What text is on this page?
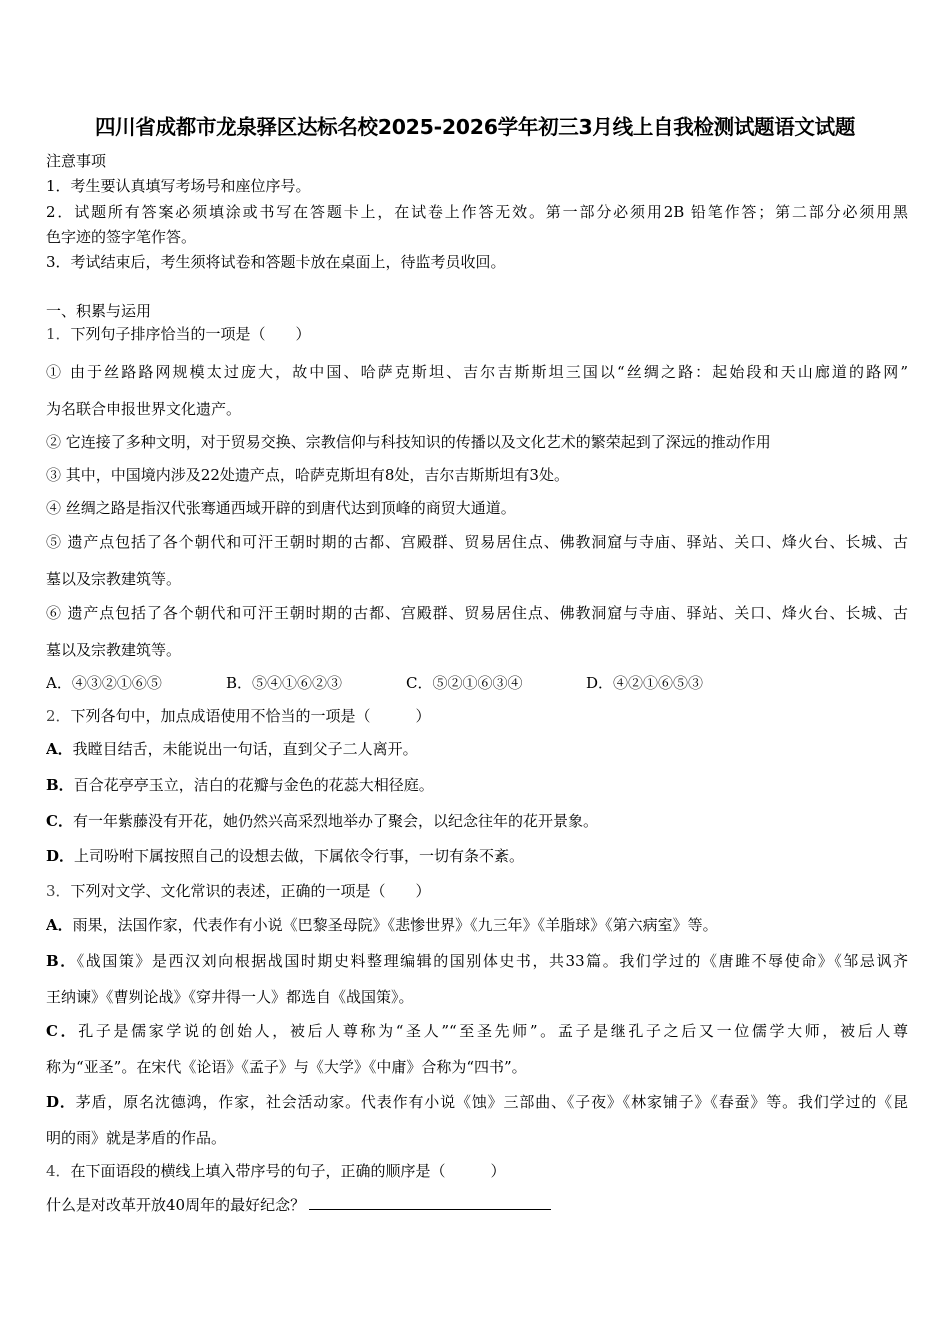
四川省成都市龙泉驿区达标名校2025-2026学年初三3月线上自我检测试题语文试题
注意事项
1．考生要认真填写考场号和座位序号。
2．试题所有答案必须填涂或书写在答题卡上，在试卷上作答无效。第一部分必须用2B 铅笔作答；第二部分必须用黑
色字迹的签字笔作答。
3．考试结束后，考生须将试卷和答题卡放在桌面上，待监考员收回。
一、积累与运用
1．下列句子排序恰当的一项是（　　）
① 由于丝路路网规模太过庞大，故中国、哈萨克斯坦、吉尔吉斯斯坦三国以“丝绸之路：起始段和天山廊道的路网”
为名联合申报世界文化遗产。
② 它连接了多种文明，对于贸易交换、宗教信仰与科技知识的传播以及文化艺术的繁荣起到了深远的推动作用
③ 其中，中国境内涉及22处遗产点，哈萨克斯坦有8处，吉尔吉斯斯坦有3处。
④ 丝绸之路是指汉代张骞通西域开辟的到唐代达到顶峰的商贸大通道。
⑤ 遗产点包括了各个朝代和可汗王朝时期的古都、宫殿群、贸易居住点、佛教洞窟与寺庙、驿站、关口、烽火台、长城、古
墓以及宗教建筑等。
⑥ 遗产点包括了各个朝代和可汗王朝时期的古都、宫殿群、贸易居住点、佛教洞窟与寺庙、驿站、关口、烽火台、长城、古
墓以及宗教建筑等。
A．④③②①⑥⑤	B．⑤④①⑥②③	C．⑤②①⑥③④	D．④②①⑥⑤③
2．下列各句中，加点成语使用不恰当的一项是（　　　）
A．我瞠目结舌，未能说出一句话，直到父子二人离开。
B．百合花亭亭玉立，洁白的花瓣与金色的花蕊大相径庭。
C．有一年紫藤没有开花，她仍然兴高采烈地举办了聚会，以纪念往年的花开景象。
D．上司吩咐下属按照自己的设想去做，下属依令行事，一切有条不紊。
3．下列对文学、文化常识的表述，正确的一项是（　　）
A．雨果，法国作家，代表作有小说《巴黎圣母院》《悲惨世界》《九三年》《羊脂球》《第六病室》等。
B．《战国策》是西汉刘向根据战国时期史料整理编辑的国别体史书，共33篇。我们学过的《唐雎不辱使命》《邹忌讽齐
王纳谏》《曹刿论战》《穿井得一人》都选自《战国策》。
C．孔子是儒家学说的创始人，被后人尊称为“圣人”“至圣先师”。孟子是继孔子之后又一位儒学大师，被后人尊
称为“亚圣”。在宋代《论语》《孟子》与《大学》《中庸》合称为“四书”。
D．茅盾，原名沈德鸿，作家，社会活动家。代表作有小说《蚀》三部曲、《子夜》《林家铺子》《春蚕》等。我们学过的《昆
明的雨》就是茅盾的作品。
4．在下面语段的横线上填入带序号的句子，正确的顺序是（　　　）
什么是对改革开放40周年的最好纪念？
